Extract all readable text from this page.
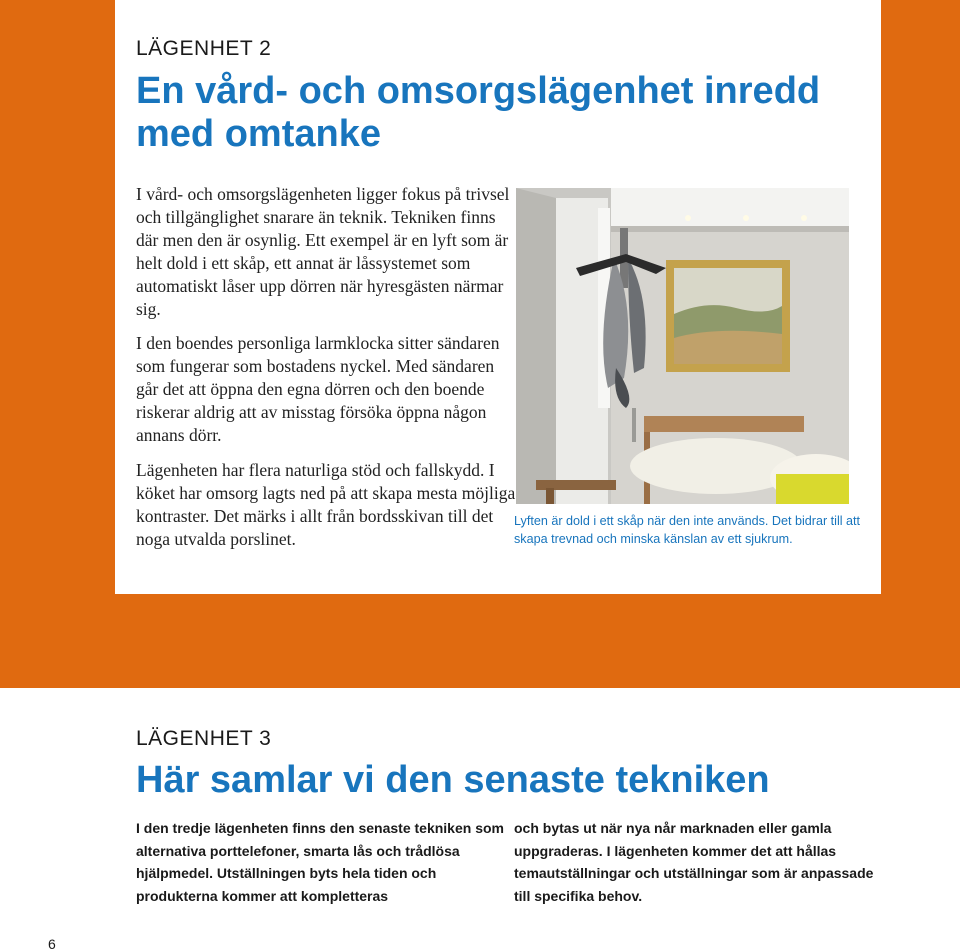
LÄGENHET 2
En vård- och omsorgslägenhet inredd med omtanke

I vård- och omsorgslägenheten ligger fokus på trivsel och tillgänglighet snarare än teknik. Tekniken finns där men den är osynlig. Ett exempel är en lyft som är helt dold i ett skåp, ett annat är låssystemet som automatiskt låser upp dörren när hyresgästen närmar sig.

I den boendes personliga larmklocka sitter sändaren som fungerar som bostadens nyckel. Med sändaren går det att öppna den egna dörren och den boende riskerar aldrig att av misstag försöka öppna någon annans dörr.

Lägenheten har flera naturliga stöd och fallskydd. I köket har omsorg lagts ned på att skapa mesta möjliga kontraster. Det märks i allt från bordsskivan till det noga utvalda porslinet.

Lyften är dold i ett skåp när den inte används. Det bidrar till att skapa trevnad och minska känslan av ett sjukrum.

LÄGENHET 3
Här samlar vi den senaste tekniken

I den tredje lägenheten finns den senaste tekniken som alternativa porttelefoner, smarta lås och trådlösa hjälpmedel. Utställningen byts hela tiden och produkterna kommer att kompletteras

och bytas ut när nya når marknaden eller gamla uppgraderas. I lägenheten kommer det att hållas temautställningar och utställningar som är anpassade till specifika behov.

6
